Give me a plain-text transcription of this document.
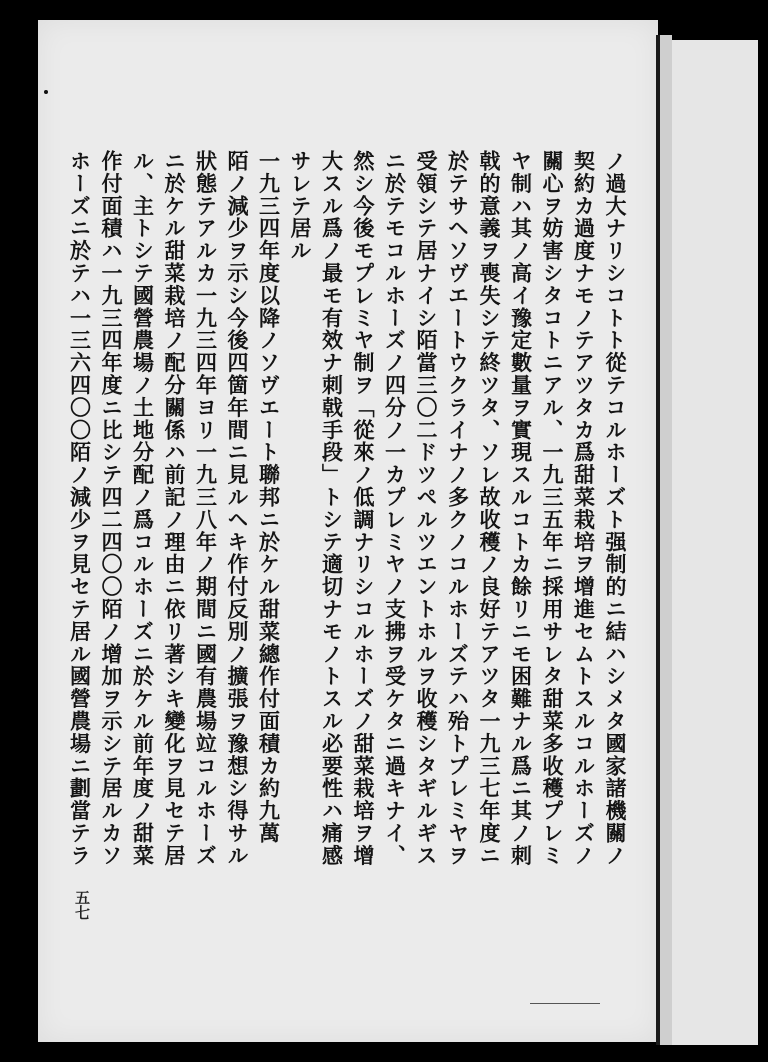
ノ過大ナリシコトト從テコルホーズト强制的ニ結ハシメタ國家諸機關ノ
契約カ過度ナモノテアツタカ爲甜菜栽培ヲ增進セムトスルコルホーズノ
關心ヲ妨害シタコトニアル、一九三五年ニ採用サレタ甜菜多收穫プレミ
ヤ制ハ其ノ高イ豫定數量ヲ實現スルコトカ餘リニモ困難ナル爲ニ其ノ刺
戟的意義ヲ喪失シテ終ツタ、ソレ故收穫ノ良好テアツタ一九三七年度ニ
於テサヘソヴエートウクライナノ多クノコルホーズテハ殆トプレミヤヲ
受領シテ居ナイシ陌當三〇二ドツペルツエントホルヲ收穫シタギルギス
ニ於テモコルホーズノ四分ノ一カプレミヤノ支拂ヲ受ケタニ過キナイ、
然シ今後モプレミヤ制ヲ「從來ノ低調ナリシコルホーズノ甜菜栽培ヲ增
大スル爲ノ最モ有效ナ刺戟手段」トシテ適切ナモノトスル必要性ハ痛感
サレテ居ル
一九三四年度以降ノソヴエート聯邦ニ於ケル甜菜總作付面積カ約九萬
陌ノ減少ヲ示シ今後四箇年間ニ見ルヘキ作付反別ノ擴張ヲ豫想シ得サル
狀態テアルカ一九三四年ヨリ一九三八年ノ期間ニ國有農場竝コルホーズ
ニ於ケル甜菜栽培ノ配分關係ハ前記ノ理由ニ依リ著シキ變化ヲ見セテ居
ル、主トシテ國營農場ノ土地分配ノ爲コルホーズニ於ケル前年度ノ甜菜
作付面積ハ一九三四年度ニ比シテ四二四〇〇陌ノ增加ヲ示シテ居ルカソ
五七
ホーズニ於テハ一三六四〇〇陌ノ減少ヲ見セテ居ル國營農場ニ劃當テラ
